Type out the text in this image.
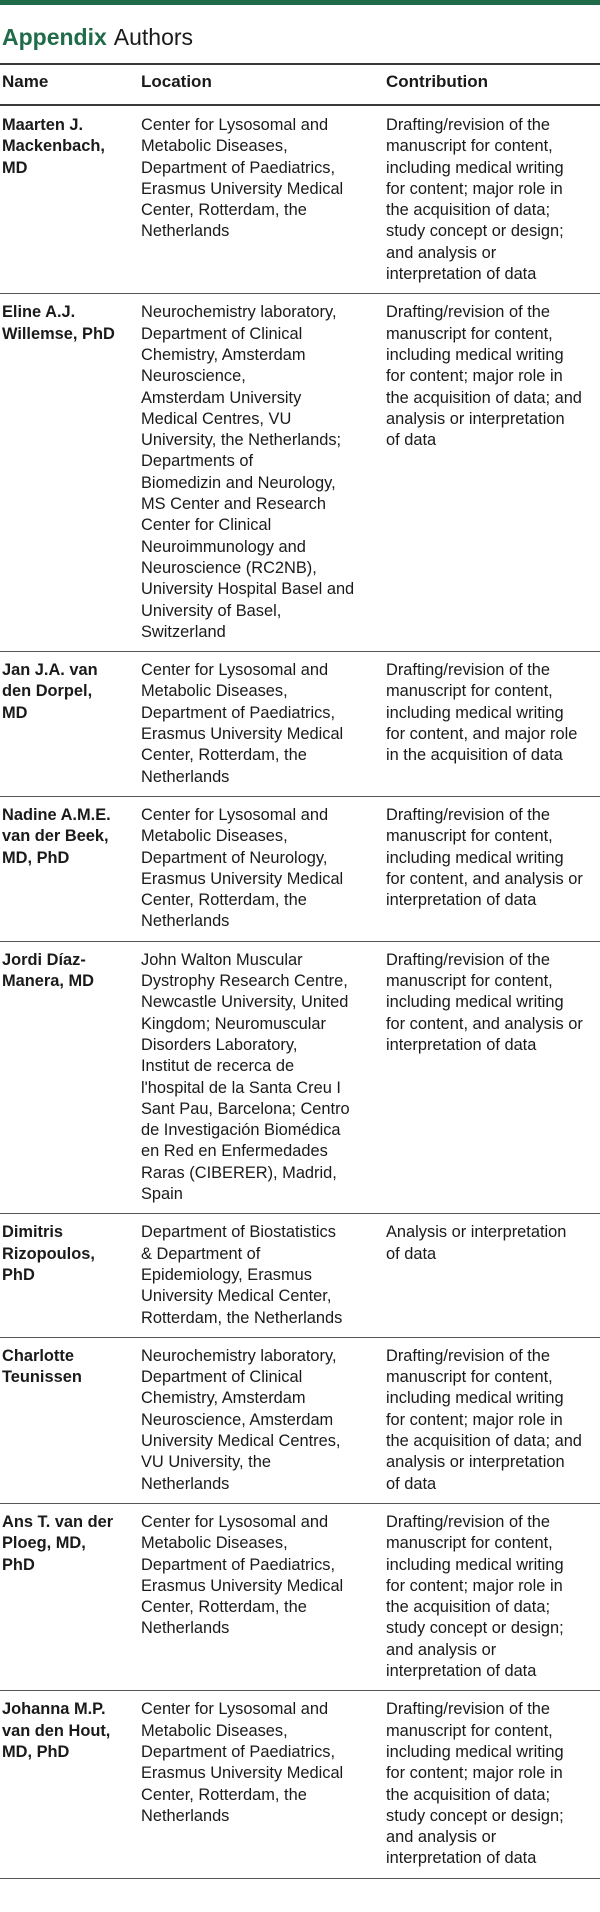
Appendix Authors
Name	Location	Contribution
Maarten J.
Mackenbach,
MD
Center for Lysosomal and
Metabolic Diseases,
Department of Paediatrics,
Erasmus University Medical
Center, Rotterdam, the
Netherlands
Drafting/revision of the
manuscript for content,
including medical writing
for content; major role in
the acquisition of data;
study concept or design;
and analysis or
interpretation of data
Eline A.J.
Willemse, PhD
Neurochemistry laboratory,
Department of Clinical
Chemistry, Amsterdam
Neuroscience,
Amsterdam University
Medical Centres, VU
University, the Netherlands;
Departments of
Biomedizin and Neurology,
MS Center and Research
Center for Clinical
Neuroimmunology and
Neuroscience (RC2NB),
University Hospital Basel and
University of Basel,
Switzerland
Drafting/revision of the
manuscript for content,
including medical writing
for content; major role in
the acquisition of data; and
analysis or interpretation
of data
Jan J.A. van
den Dorpel,
MD
Center for Lysosomal and
Metabolic Diseases,
Department of Paediatrics,
Erasmus University Medical
Center, Rotterdam, the
Netherlands
Drafting/revision of the
manuscript for content,
including medical writing
for content, and major role
in the acquisition of data
Nadine A.M.E.
van der Beek,
MD, PhD
Center for Lysosomal and
Metabolic Diseases,
Department of Neurology,
Erasmus University Medical
Center, Rotterdam, the
Netherlands
Drafting/revision of the
manuscript for content,
including medical writing
for content, and analysis or
interpretation of data
Jordi Díaz-
Manera, MD
John Walton Muscular
Dystrophy Research Centre,
Newcastle University, United
Kingdom; Neuromuscular
Disorders Laboratory,
Institut de recerca de
l'hospital de la Santa Creu I
Sant Pau, Barcelona; Centro
de Investigación Biomédica
en Red en Enfermedades
Raras (CIBERER), Madrid,
Spain
Drafting/revision of the
manuscript for content,
including medical writing
for content, and analysis or
interpretation of data
Dimitris
Rizopoulos,
PhD
Department of Biostatistics
& Department of
Epidemiology, Erasmus
University Medical Center,
Rotterdam, the Netherlands
Analysis or interpretation
of data
Charlotte
Teunissen
Neurochemistry laboratory,
Department of Clinical
Chemistry, Amsterdam
Neuroscience, Amsterdam
University Medical Centres,
VU University, the
Netherlands
Drafting/revision of the
manuscript for content,
including medical writing
for content; major role in
the acquisition of data; and
analysis or interpretation
of data
Ans T. van der
Ploeg, MD,
PhD
Center for Lysosomal and
Metabolic Diseases,
Department of Paediatrics,
Erasmus University Medical
Center, Rotterdam, the
Netherlands
Drafting/revision of the
manuscript for content,
including medical writing
for content; major role in
the acquisition of data;
study concept or design;
and analysis or
interpretation of data
Johanna M.P.
van den Hout,
MD, PhD
Center for Lysosomal and
Metabolic Diseases,
Department of Paediatrics,
Erasmus University Medical
Center, Rotterdam, the
Netherlands
Drafting/revision of the
manuscript for content,
including medical writing
for content; major role in
the acquisition of data;
study concept or design;
and analysis or
interpretation of data
